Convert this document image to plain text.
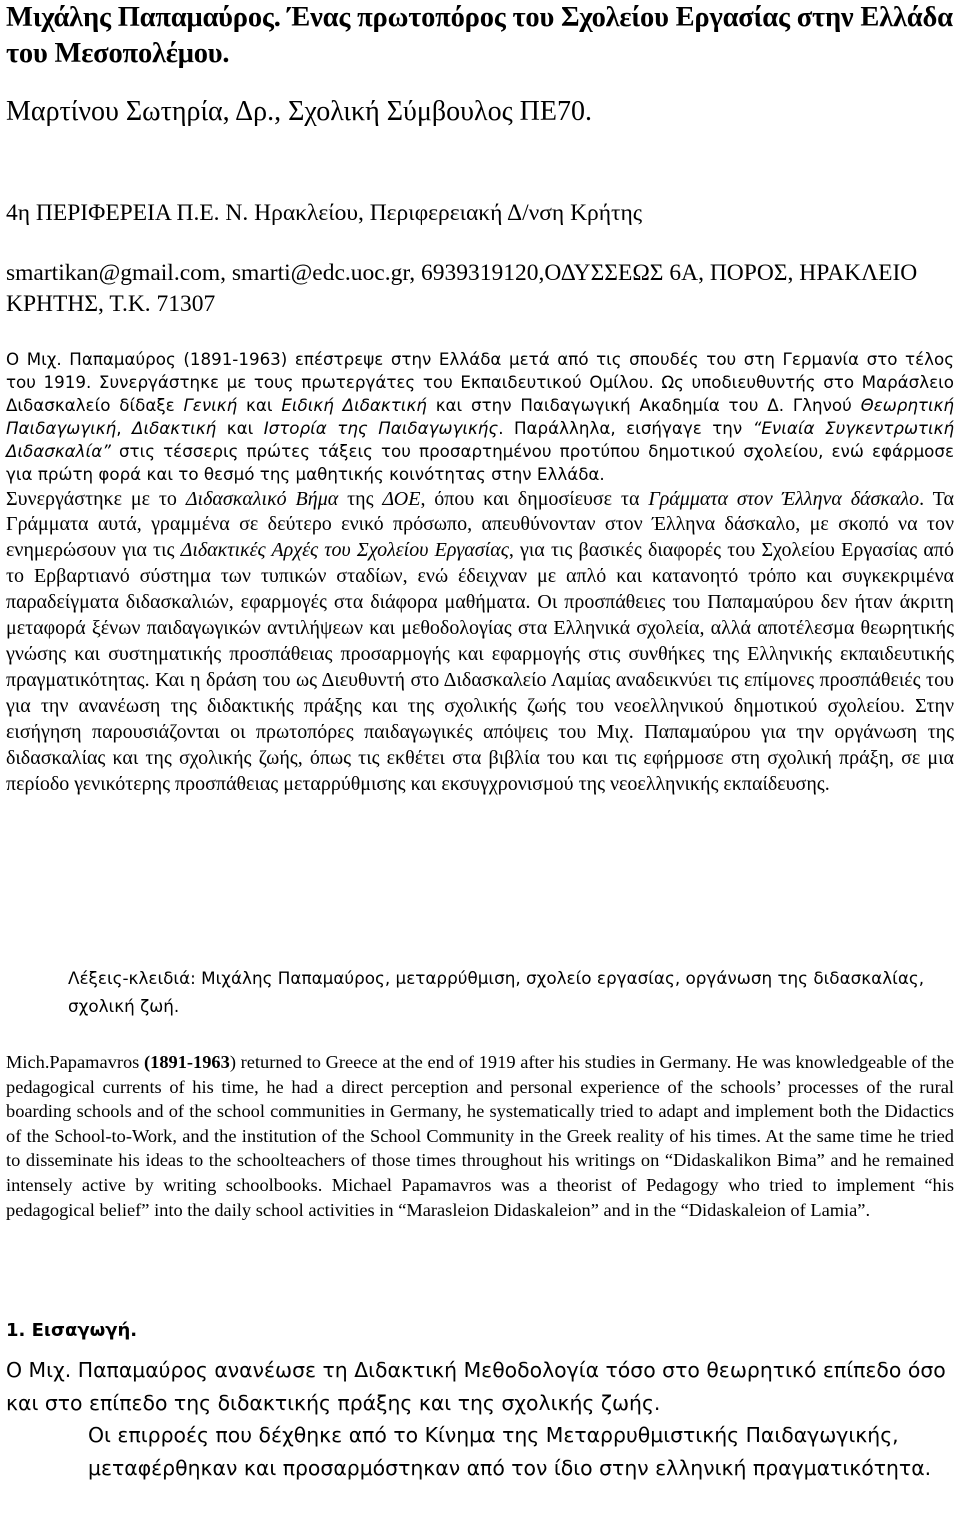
Μιχάλης Παπαμαύρος. Ένας πρωτοπόρος του Σχολείου Εργασίας στην Ελλάδα του Μεσοπολέμου.

Μαρτίνου Σωτηρία, Δρ., Σχολική Σύμβουλος ΠΕ70.

4η ΠΕΡΙΦΕΡΕΙΑ Π.Ε. Ν. Ηρακλείου, Περιφερειακή Δ/νση Κρήτης

smartikan@gmail.com, smarti@edc.uoc.gr, 6939319120,ΟΔΥΣΣΕΩΣ 6Α, ΠΟΡΟΣ, ΗΡΑΚΛΕΙΟ ΚΡΗΤΗΣ, Τ.Κ. 71307

Ο Μιχ. Παπαμαύρος (1891-1963) επέστρεψε στην Ελλάδα μετά από τις σπουδές του στη Γερμανία στο τέλος του 1919. Συνεργάστηκε με τους πρωτεργάτες του Εκπαιδευτικού Ομίλου. Ως υποδιευθυντής στο Μαράσλειο Διδασκαλείο δίδαξε Γενική και Ειδική Διδακτική και στην Παιδαγωγική Ακαδημία του Δ. Γληνού Θεωρητική Παιδαγωγική, Διδακτική και Ιστορία της Παιδαγωγικής. Παράλληλα, εισήγαγε την “Ενιαία Συγκεντρωτική Διδασκαλία” στις τέσσερις πρώτες τάξεις του προσαρτημένου προτύπου δημοτικού σχολείου, ενώ εφάρμοσε για πρώτη φορά και το θεσμό της μαθητικής κοινότητας στην Ελλάδα.

Συνεργάστηκε με το Διδασκαλικό Βήμα της ΔΟΕ, όπου και δημοσίευσε τα Γράμματα στον Έλληνα δάσκαλο. Τα Γράμματα αυτά, γραμμένα σε δεύτερο ενικό πρόσωπο, απευθύνονταν στον Έλληνα δάσκαλο, με σκοπό να τον ενημερώσουν για τις Διδακτικές Αρχές του Σχολείου Εργασίας, για τις βασικές διαφορές του Σχολείου Εργασίας από το Ερβαρτιανό σύστημα των τυπικών σταδίων, ενώ έδειχναν με απλό και κατανοητό τρόπο και συγκεκριμένα παραδείγματα διδασκαλιών, εφαρμογές στα διάφορα μαθήματα. Οι προσπάθειες του Παπαμαύρου δεν ήταν άκριτη μεταφορά ξένων παιδαγωγικών αντιλήψεων και μεθοδολογίας στα Ελληνικά σχολεία, αλλά αποτέλεσμα θεωρητικής γνώσης και συστηματικής προσπάθειας προσαρμογής και εφαρμογής στις συνθήκες της Ελληνικής εκπαιδευτικής πραγματικότητας. Και η δράση του ως Διευθυντή στο Διδασκαλείο Λαμίας αναδεικνύει τις επίμονες προσπάθειές του για την ανανέωση της διδακτικής πράξης και της σχολικής ζωής του νεοελληνικού δημοτικού σχολείου. Στην εισήγηση παρουσιάζονται οι πρωτοπόρες παιδαγωγικές απόψεις του Μιχ. Παπαμαύρου για την οργάνωση της διδασκαλίας και της σχολικής ζωής, όπως τις εκθέτει στα βιβλία του και τις εφήρμοσε στη σχολική πράξη, σε μια περίοδο γενικότερης προσπάθειας μεταρρύθμισης και εκσυγχρονισμού της νεοελληνικής εκπαίδευσης.

Λέξεις-κλειδιά: Μιχάλης Παπαμαύρος, μεταρρύθμιση, σχολείο εργασίας, οργάνωση της διδασκαλίας, σχολική ζωή.

Mich.Papamavros (1891-1963) returned to Greece at the end of 1919 after his studies in Germany. He was knowledgeable of the pedagogical currents of his time, he had a direct perception and personal experience of the schools’ processes of the rural boarding schools and of the school communities in Germany, he systematically tried to adapt and implement both the Didactics of the School-to-Work, and the institution of the School Community in the Greek reality of his times. At the same time he tried to disseminate his ideas to the schoolteachers of those times throughout his writings on “Didaskalikon Bima” and he remained intensely active by writing schoolbooks. Michael Papamavros was a theorist of Pedagogy who tried to implement “his pedagogical belief” into the daily school activities in “Marasleion Didaskaleion” and in the “Didaskaleion of Lamia”.

1. Εισαγωγή.

Ο Μιχ. Παπαμαύρος ανανέωσε τη Διδακτική Μεθοδολογία τόσο στο θεωρητικό επίπεδο όσο και στο επίπεδο της διδακτικής πράξης και της σχολικής ζωής.

Οι επιρροές που δέχθηκε από το Κίνημα της Μεταρρυθμιστικής Παιδαγωγικής, μεταφέρθηκαν και προσαρμόστηκαν από τον ίδιο στην ελληνική πραγματικότητα.
